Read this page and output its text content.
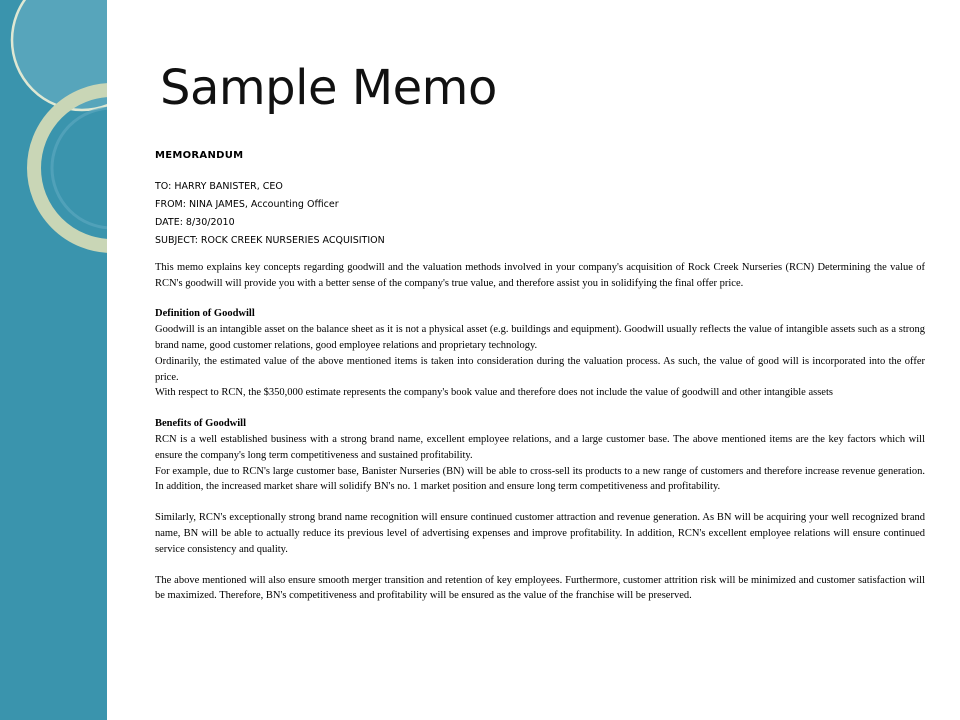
Sample Memo
MEMORANDUM
TO: HARRY BANISTER, CEO
FROM: NINA JAMES, Accounting Officer
DATE: 8/30/2010
SUBJECT: ROCK CREEK NURSERIES ACQUISITION

This memo explains key concepts regarding goodwill and the valuation methods involved in your company's acquisition of Rock Creek Nurseries (RCN) Determining the value of RCN's goodwill will provide you with a better sense of the company's true value, and therefore assist you in solidifying the final offer price.

Definition of Goodwill

Goodwill is an intangible asset on the balance sheet as it is not a physical asset (e.g. buildings and equipment). Goodwill usually reflects the value of intangible assets such as a strong brand name, good customer relations, good employee relations and proprietary technology.

Ordinarily, the estimated value of the above mentioned items is taken into consideration during the valuation process. As such, the value of good will is incorporated into the offer price.

With respect to RCN, the $350,000 estimate represents the company's book value and therefore does not include the value of goodwill and other intangible assets

Benefits of Goodwill

RCN is a well established business with a strong brand name, excellent employee relations, and a large customer base. The above mentioned items are the key factors which will ensure the company's long term competitiveness and sustained profitability.

For example, due to RCN's large customer base, Banister Nurseries (BN) will be able to cross-sell its products to a new range of customers and therefore increase revenue generation. In addition, the increased market share will solidify BN's no. 1 market position and ensure long term competitiveness and profitability.

Similarly, RCN's exceptionally strong brand name recognition will ensure continued customer attraction and revenue generation. As BN will be acquiring your well recognized brand name, BN will be able to actually reduce its previous level of advertising expenses and improve profitability. In addition, RCN's excellent employee relations will ensure continued service consistency and quality.

The above mentioned will also ensure smooth merger transition and retention of key employees. Furthermore, customer attrition risk will be minimized and customer satisfaction will be maximized. Therefore, BN's competitiveness and profitability will be ensured as the value of the franchise will be preserved.
